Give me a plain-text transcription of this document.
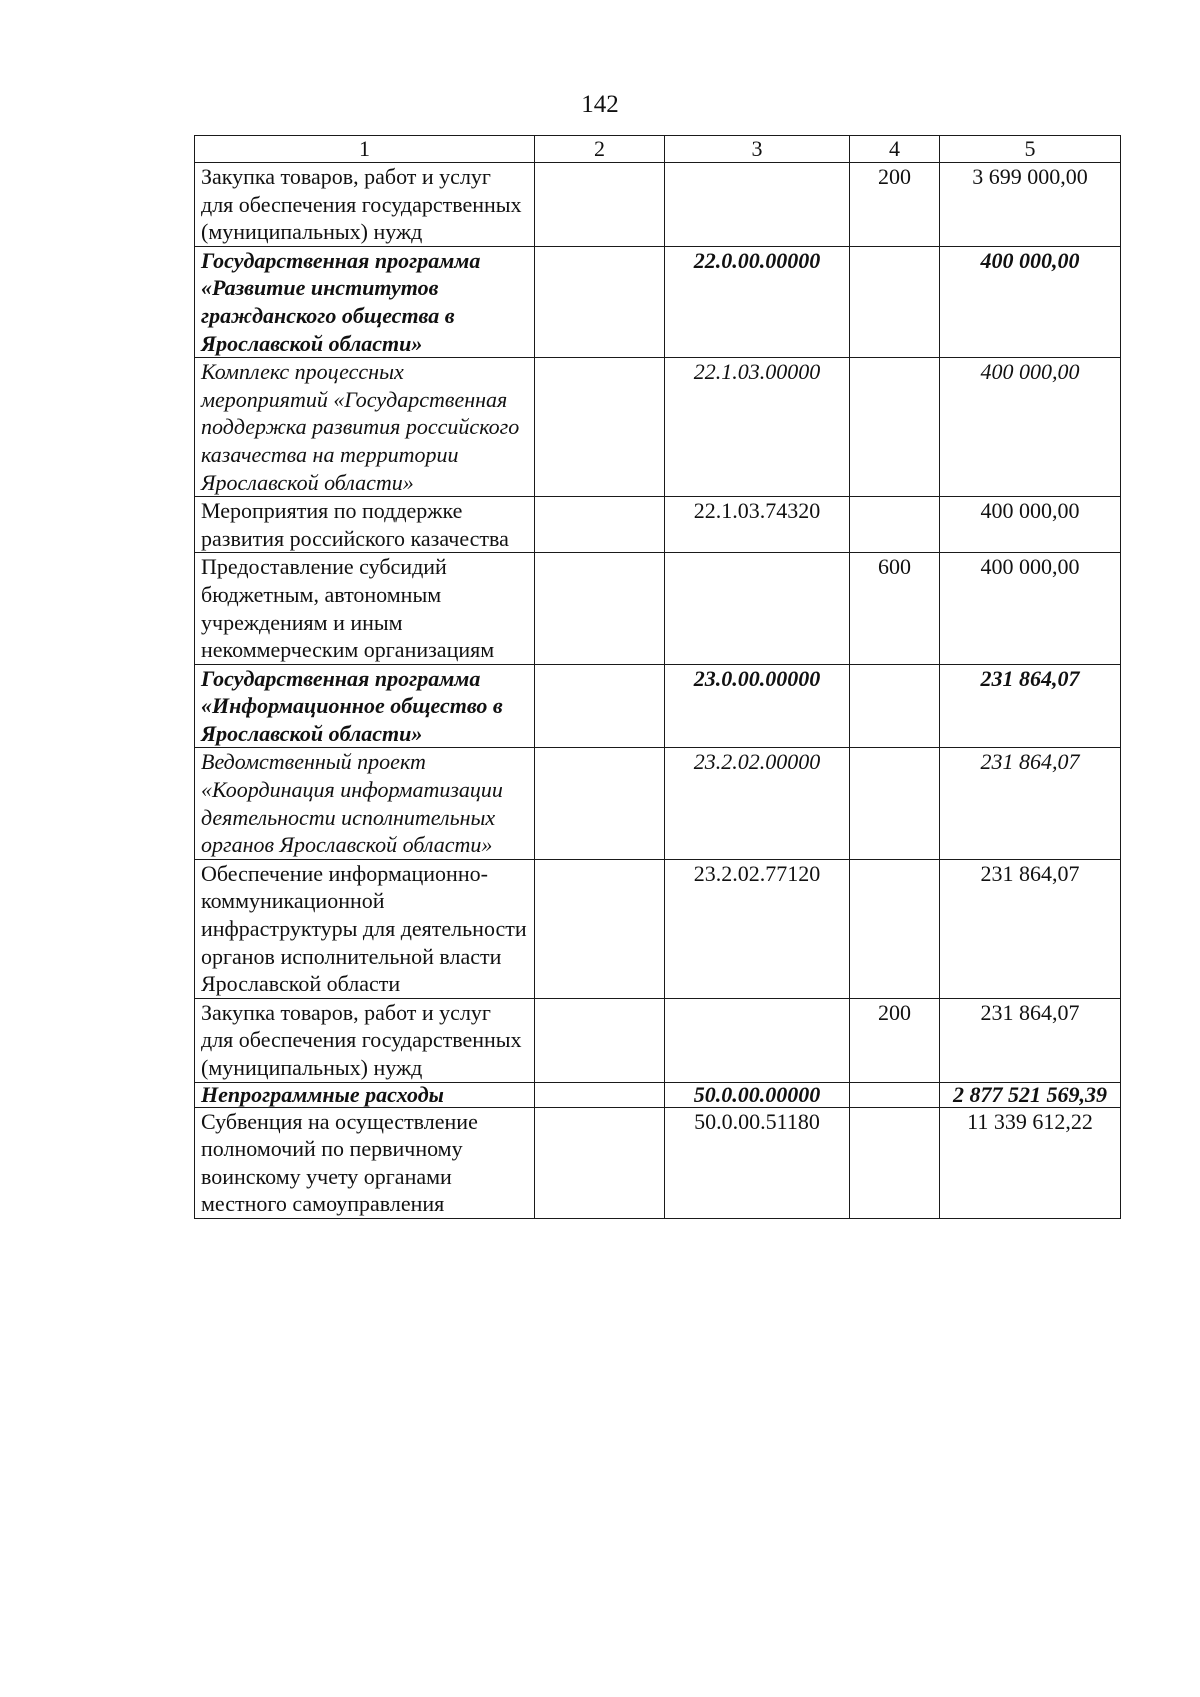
142
1	2	3	4	5
Закупка товаров, работ и услуг для обеспечения государственных (муниципальных) нужд			200	3 699 000,00
Государственная программа «Развитие институтов гражданского общества в Ярославской области»		22.0.00.00000		400 000,00
Комплекс процессных мероприятий «Государственная поддержка развития российского казачества на территории Ярославской области»		22.1.03.00000		400 000,00
Мероприятия по поддержке развития российского казачества		22.1.03.74320		400 000,00
Предоставление субсидий бюджетным, автономным учреждениям и иным некоммерческим организациям			600	400 000,00
Государственная программа «Информационное общество в Ярославской области»		23.0.00.00000		231 864,07
Ведомственный проект «Координация информатизации деятельности исполнительных органов Ярославской области»		23.2.02.00000		231 864,07
Обеспечение информационно-коммуникационной инфраструктуры для деятельности органов исполнительной власти Ярославской области		23.2.02.77120		231 864,07
Закупка товаров, работ и услуг для обеспечения государственных (муниципальных) нужд			200	231 864,07
Непрограммные расходы		50.0.00.00000		2 877 521 569,39
Субвенция на осуществление полномочий по первичному воинскому учету органами местного самоуправления		50.0.00.51180		11 339 612,22
